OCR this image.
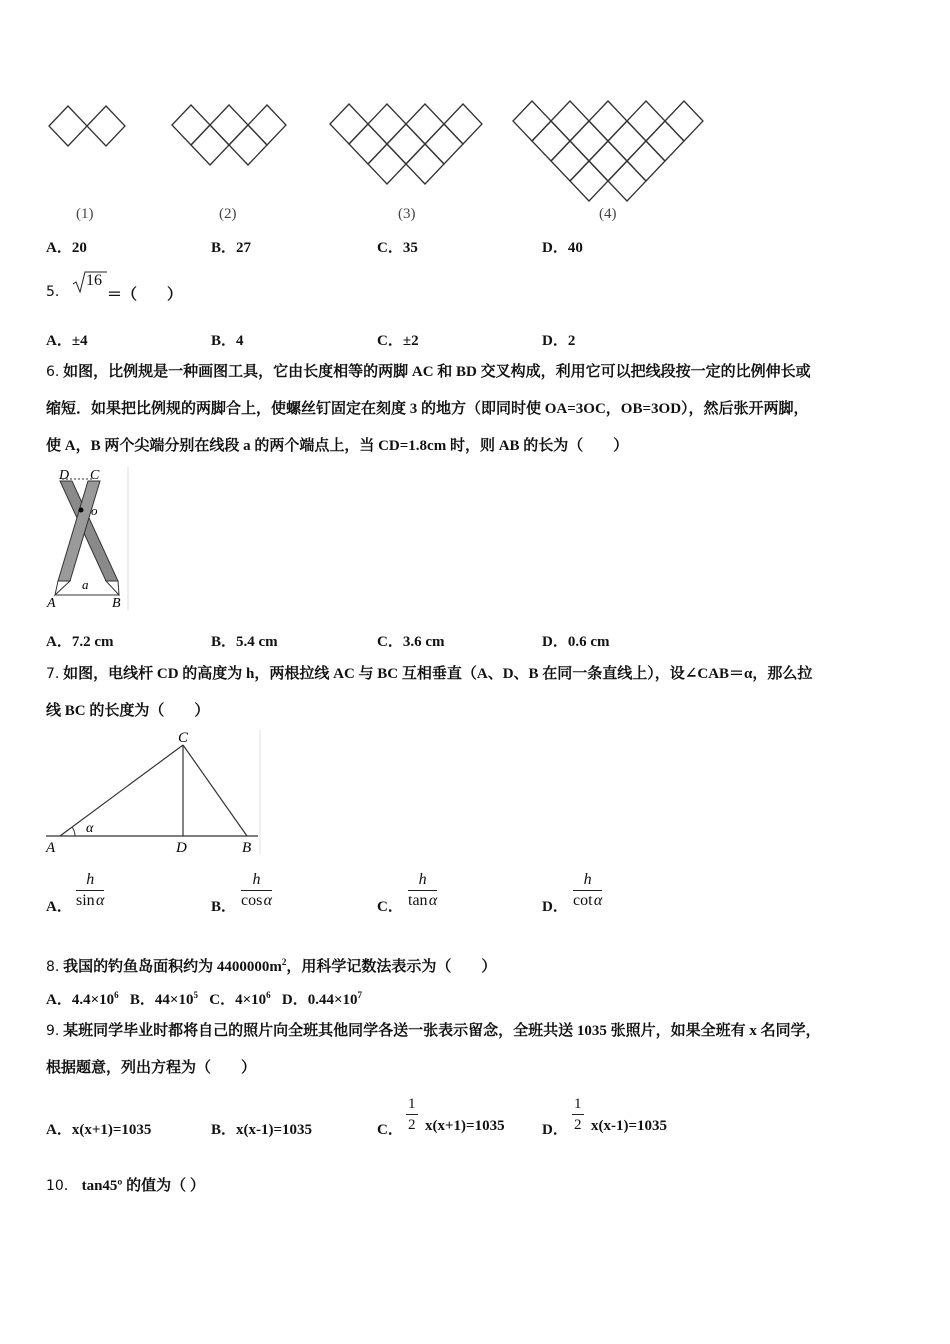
(1)	(2)	(3)	(4)
A．20	B．27	C．35	D．40
5.
16
＝（　　）
A．±4	B．4	C．±2	D．2
6. 如图，比例规是一种画图工具，它由长度相等的两脚 AC 和 BD 交叉构成，利用它可以把线段按一定的比例伸长或
缩短．如果把比例规的两脚合上，使螺丝钉固定在刻度 3 的地方（即同时使 OA=3OC，OB=3OD），然后张开两脚，
使 A，B 两个尖端分别在线段 a 的两个端点上，当 CD=1.8cm 时，则 AB 的长为（　　）
D C
o
a
A	B
A．7.2 cm	B．5.4 cm	C．3.6 cm	D．0.6 cm
7. 如图，电线杆 CD 的高度为 h，两根拉线 AC 与 BC 互相垂直（A、D、B 在同一条直线上），设∠CAB＝α，那么拉
线 BC 的长度为（　　）
C
α
A	D	B
A． $\frac{h}{\text{sin α}}$	B． $\frac{h}{\text{cos α}}$	C． $\frac{h}{\text{tan α}}$	D． $\frac{h}{\text{cot α}}$
8. 我国的钓鱼岛面积约为 $4400000m^2$，用科学记数法表示为（　　）
A．$4.4\times 10^6$ B．$44\times 10^5$ C．$4\times 10^6$ D．$0.44\times 10^7$
9. 某班同学毕业时都将自己的照片向全班其他同学各送一张表示留念，全班共送 1035 张照片，如果全班有 x 名同学，
根据题意，列出方程为（　　）
A．x(x+1)=1035	B．x(x-1)=1035	C． $\frac{1}{2} x(x+1)=1035$ D． $\frac{1}{2} x(x-1)=1035$
10． tan45º 的值为（ ）
